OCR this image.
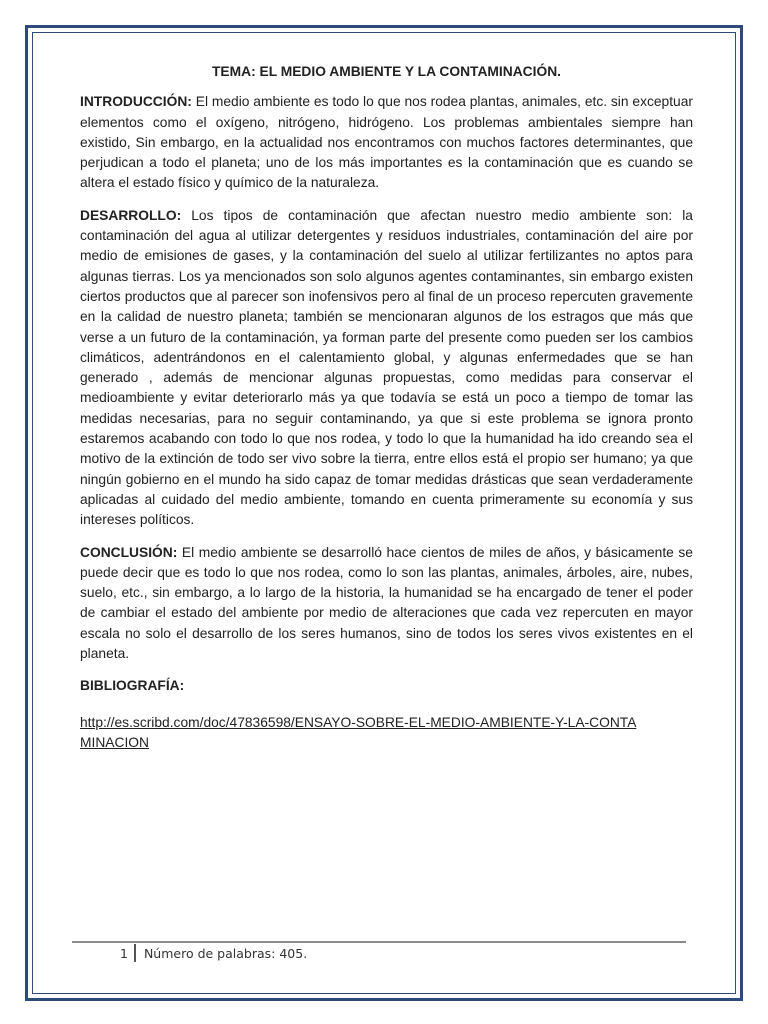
TEMA: EL MEDIO AMBIENTE Y LA CONTAMINACIÓN.

INTRODUCCIÓN: El medio ambiente es todo lo que nos rodea plantas, animales, etc. sin exceptuar elementos como el oxígeno, nitrógeno, hidrógeno. Los problemas ambientales siempre han existido, Sin embargo, en la actualidad nos encontramos con muchos factores determinantes, que perjudican a todo el planeta; uno de los más importantes es la contaminación que es cuando se altera el estado físico y químico de la naturaleza.

DESARROLLO: Los tipos de contaminación que afectan nuestro medio ambiente son: la contaminación del agua al utilizar detergentes y residuos industriales, contaminación del aire por medio de emisiones de gases, y la contaminación del suelo al utilizar fertilizantes no aptos para algunas tierras. Los ya mencionados son solo algunos agentes contaminantes, sin embargo existen ciertos productos que al parecer son inofensivos pero al final de un proceso repercuten gravemente en la calidad de nuestro planeta; también se mencionaran algunos de los estragos que más que verse a un futuro de la contaminación, ya forman parte del presente como pueden ser los cambios climáticos, adentrándonos en el calentamiento global, y algunas enfermedades que se han generado , además de mencionar algunas propuestas, como medidas para conservar el medioambiente y evitar deteriorarlo más ya que todavía se está un poco a tiempo de tomar las medidas necesarias, para no seguir contaminando, ya que si este problema se ignora pronto estaremos acabando con todo lo que nos rodea, y todo lo que la humanidad ha ido creando sea el motivo de la extinción de todo ser vivo sobre la tierra, entre ellos está el propio ser humano; ya que ningún gobierno en el mundo ha sido capaz de tomar medidas drásticas que sean verdaderamente aplicadas al cuidado del medio ambiente, tomando en cuenta primeramente su economía y sus intereses políticos.

CONCLUSIÓN: El medio ambiente se desarrolló hace cientos de miles de años, y básicamente se puede decir que es todo lo que nos rodea, como lo son las plantas, animales, árboles, aire, nubes, suelo, etc., sin embargo, a lo largo de la historia, la humanidad se ha encargado de tener el poder de cambiar el estado del ambiente por medio de alteraciones que cada vez repercuten en mayor escala no solo el desarrollo de los seres humanos, sino de todos los seres vivos existentes en el planeta.

BIBLIOGRAFÍA:
http://es.scribd.com/doc/47836598/ENSAYO-SOBRE-EL-MEDIO-AMBIENTE-Y-LA-CONTAMINACION
1 Número de palabras: 405.
